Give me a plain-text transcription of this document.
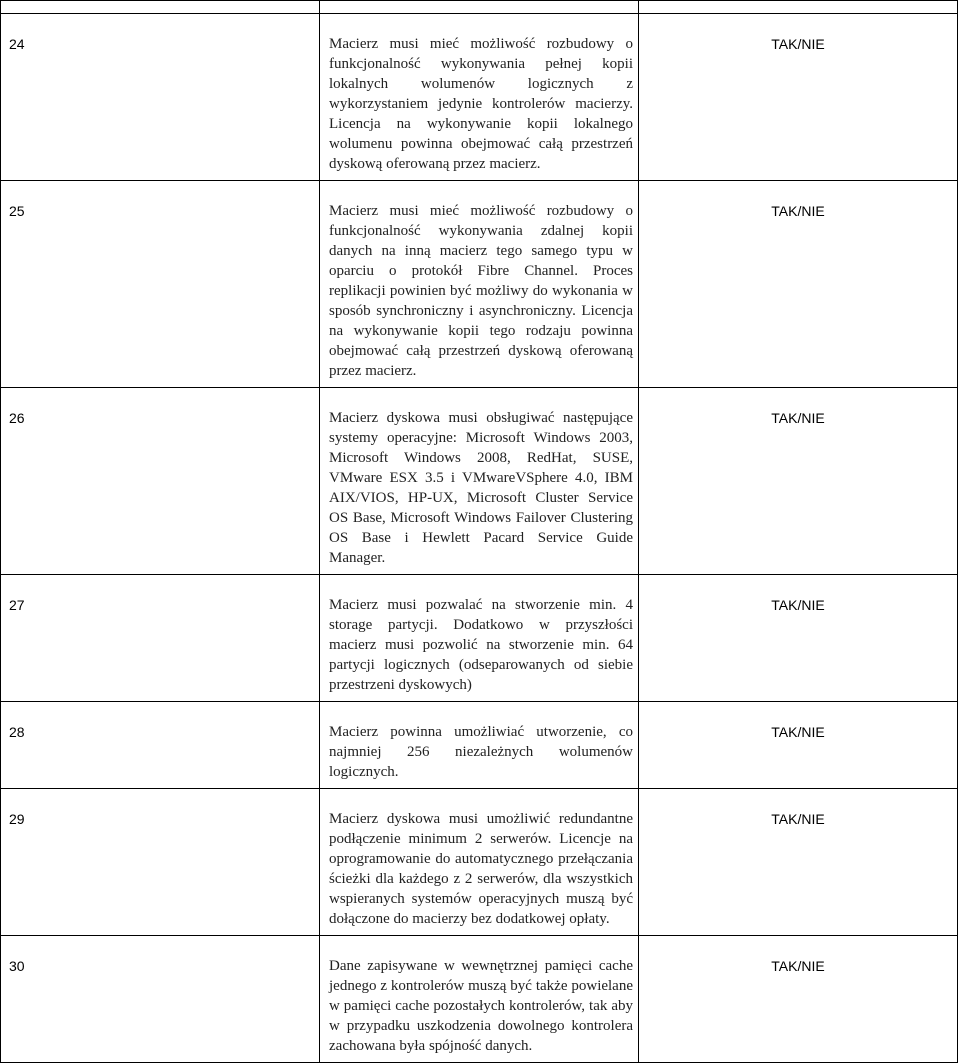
24	Macierz musi mieć możliwość rozbudowy o funkcjonalność wykonywania pełnej kopii lokalnych wolumenów logicznych z wykorzystaniem jedynie kontrolerów macierzy. Licencja na wykonywanie kopii lokalnego wolumenu powinna obejmować całą przestrzeń dyskową oferowaną przez macierz.	TAK/NIE
25	Macierz musi mieć możliwość rozbudowy o funkcjonalność wykonywania zdalnej kopii danych na inną macierz tego samego typu w oparciu o protokół Fibre Channel. Proces replikacji powinien być możliwy do wykonania w sposób synchroniczny i asynchroniczny. Licencja na wykonywanie kopii tego rodzaju powinna obejmować całą przestrzeń dyskową oferowaną przez macierz.	TAK/NIE
26	Macierz dyskowa musi obsługiwać następujące systemy operacyjne: Microsoft Windows 2003, Microsoft Windows 2008, RedHat, SUSE, VMware ESX 3.5 i VMwareVSphere 4.0, IBM AIX/VIOS, HP-UX, Microsoft Cluster Service OS Base, Microsoft Windows Failover Clustering OS Base i Hewlett Pacard Service Guide Manager.	TAK/NIE
27	Macierz musi pozwalać na stworzenie min. 4 storage partycji. Dodatkowo w przyszłości macierz musi pozwolić na stworzenie min. 64 partycji logicznych (odseparowanych od siebie przestrzeni dyskowych)	TAK/NIE
28	Macierz powinna umożliwiać utworzenie, co najmniej 256 niezależnych wolumenów logicznych.	TAK/NIE
29	Macierz dyskowa musi umożliwić redundantne podłączenie minimum 2 serwerów. Licencje na oprogramowanie do automatycznego przełączania ścieżki dla każdego z 2 serwerów, dla wszystkich wspieranych systemów operacyjnych muszą być dołączone do macierzy bez dodatkowej opłaty.	TAK/NIE
30	Dane zapisywane w wewnętrznej pamięci cache jednego z kontrolerów muszą być także powielane w pamięci cache pozostałych kontrolerów, tak aby w przypadku uszkodzenia dowolnego kontrolera zachowana była spójność danych.	TAK/NIE
